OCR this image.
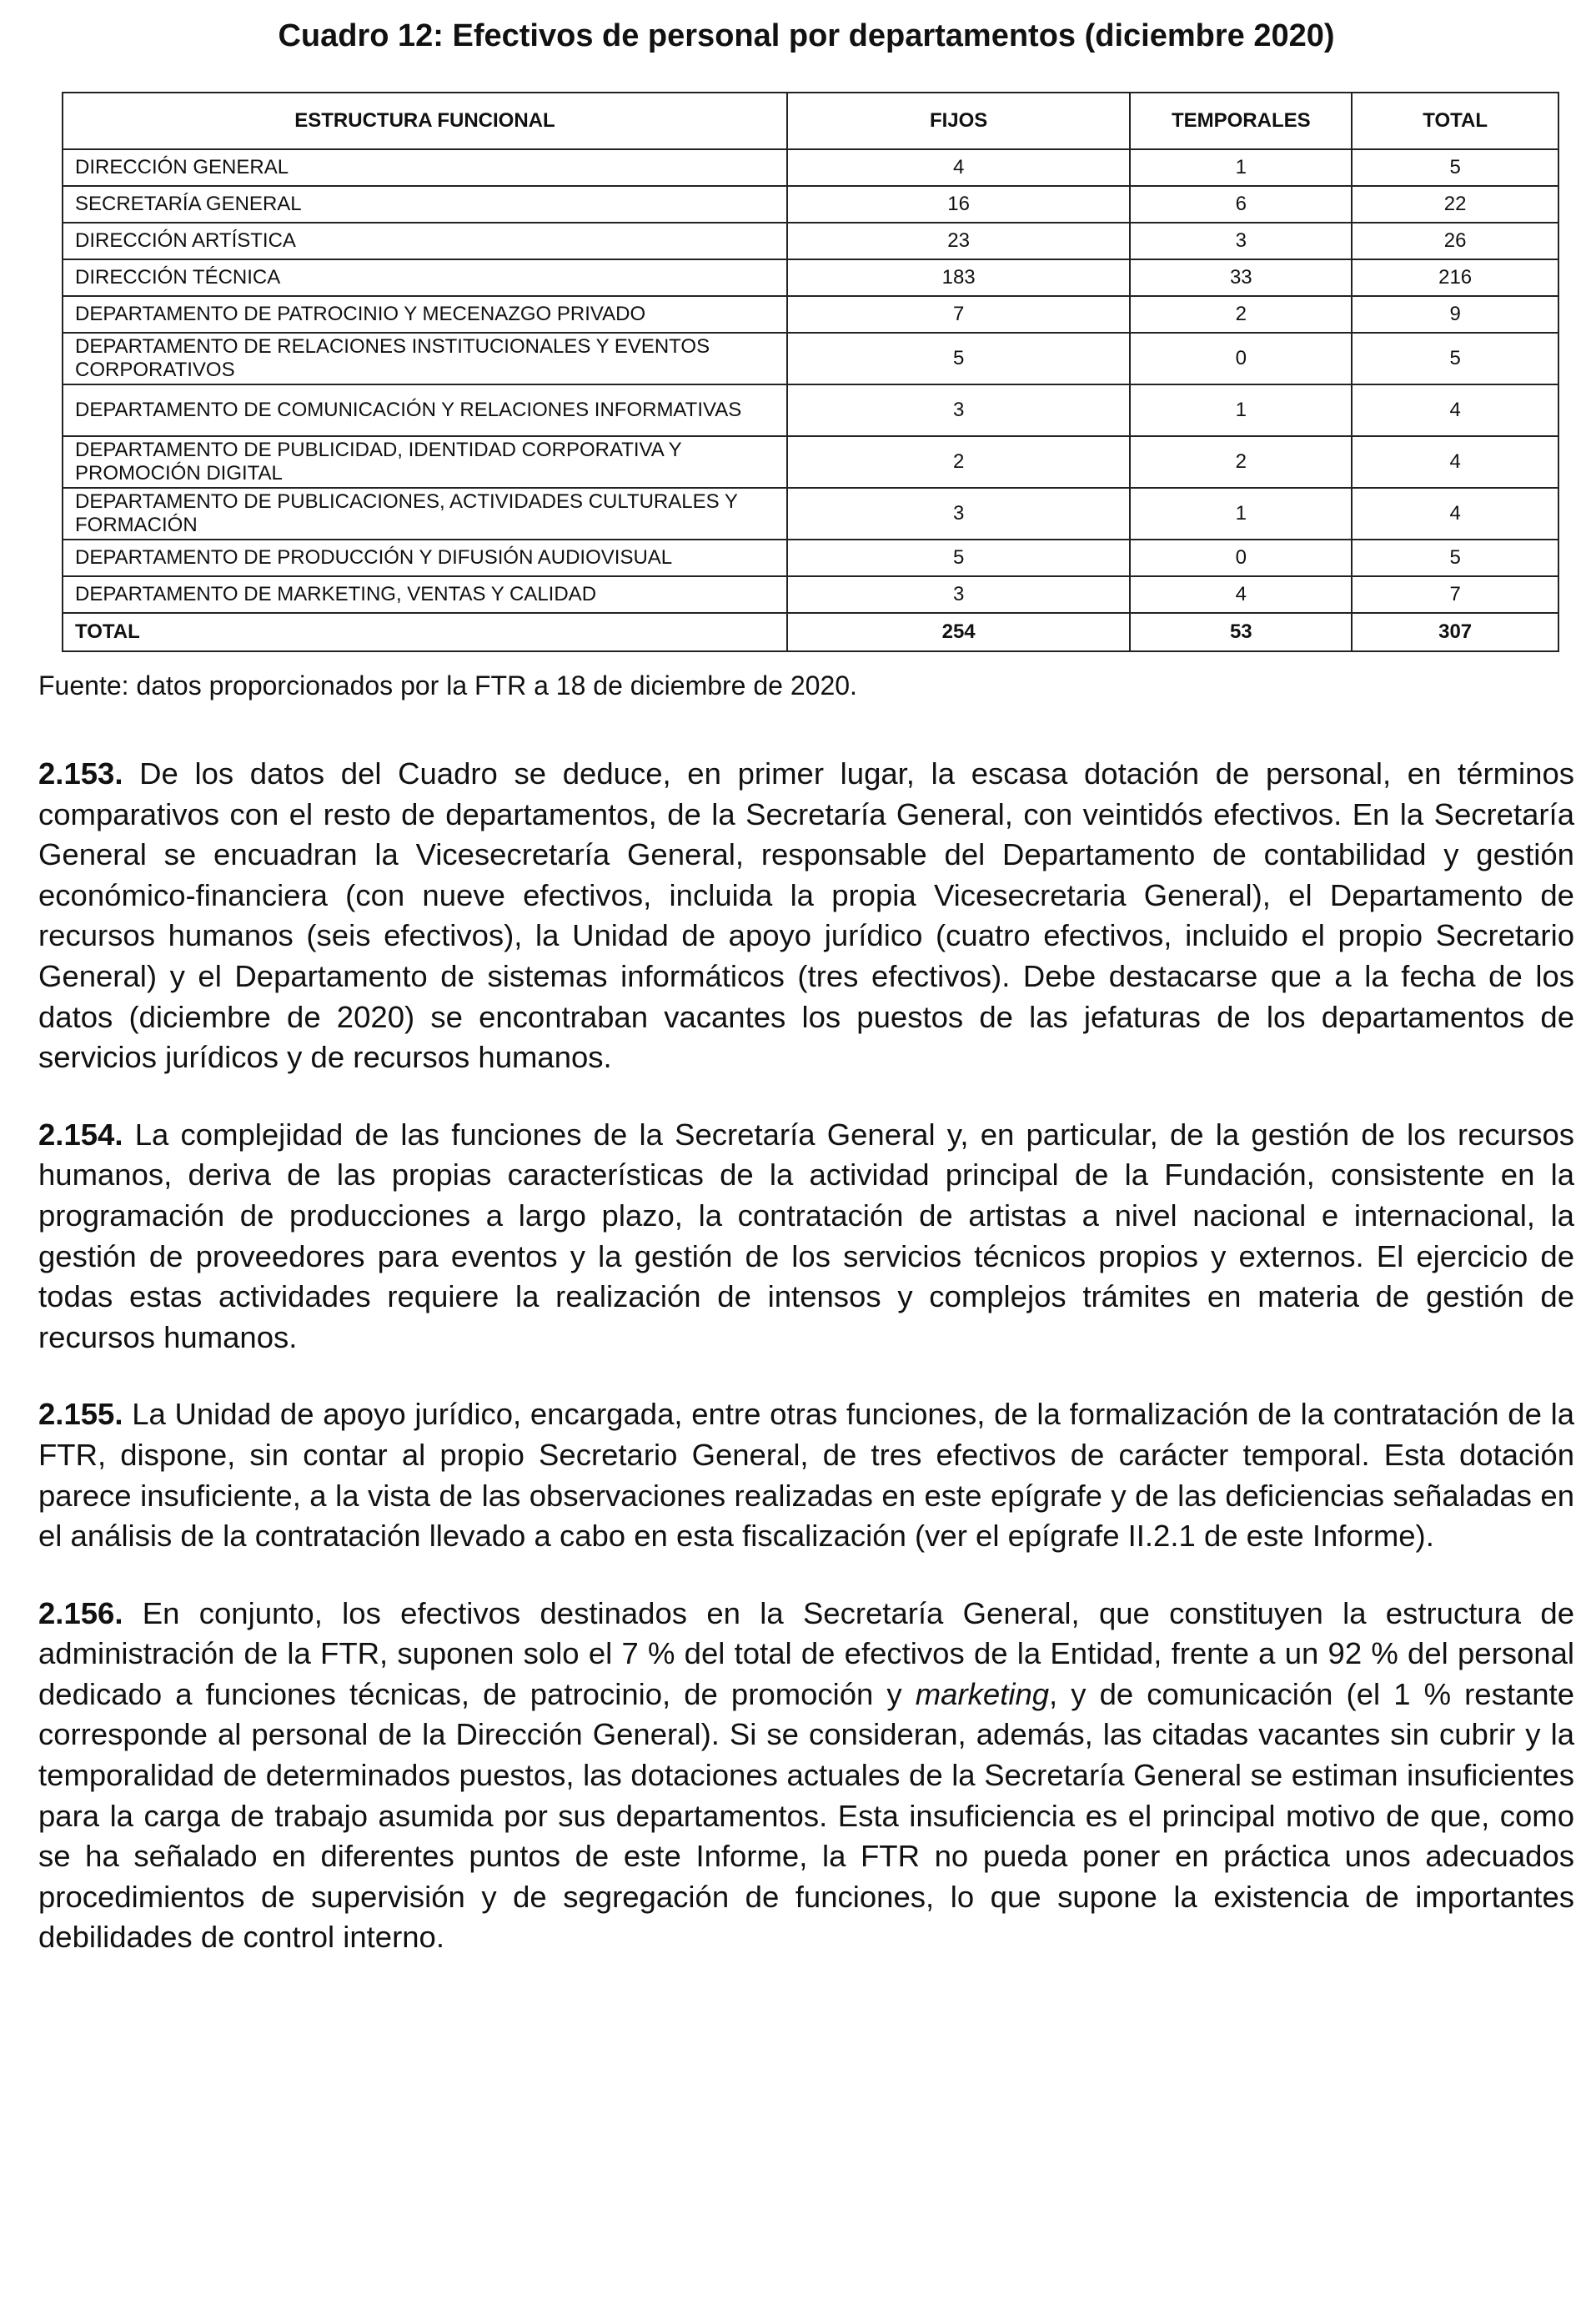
Cuadro 12: Efectivos de personal por departamentos (diciembre 2020)
ESTRUCTURA FUNCIONAL	FIJOS	TEMPORALES	TOTAL
DIRECCIÓN GENERAL	4	1	5
SECRETARÍA GENERAL	16	6	22
DIRECCIÓN ARTÍSTICA	23	3	26
DIRECCIÓN TÉCNICA	183	33	216
DEPARTAMENTO DE PATROCINIO Y MECENAZGO PRIVADO	7	2	9
DEPARTAMENTO DE RELACIONES INSTITUCIONALES Y EVENTOS CORPORATIVOS	5	0	5
DEPARTAMENTO DE COMUNICACIÓN Y RELACIONES INFORMATIVAS	3	1	4
DEPARTAMENTO DE PUBLICIDAD, IDENTIDAD CORPORATIVA Y PROMOCIÓN DIGITAL	2	2	4
DEPARTAMENTO DE PUBLICACIONES, ACTIVIDADES CULTURALES Y FORMACIÓN	3	1	4
DEPARTAMENTO DE PRODUCCIÓN Y DIFUSIÓN AUDIOVISUAL	5	0	5
DEPARTAMENTO DE MARKETING, VENTAS Y CALIDAD	3	4	7
TOTAL	254	53	307
Fuente: datos proporcionados por la FTR a 18 de diciembre de 2020.

2.153. De los datos del Cuadro se deduce, en primer lugar, la escasa dotación de personal, en términos comparativos con el resto de departamentos, de la Secretaría General, con veintidós efectivos. En la Secretaría General se encuadran la Vicesecretaría General, responsable del Departamento de contabilidad y gestión económico-financiera (con nueve efectivos, incluida la propia Vicesecretaria General), el Departamento de recursos humanos (seis efectivos), la Unidad de apoyo jurídico (cuatro efectivos, incluido el propio Secretario General) y el Departamento de sistemas informáticos (tres efectivos). Debe destacarse que a la fecha de los datos (diciembre de 2020) se encontraban vacantes los puestos de las jefaturas de los departamentos de servicios jurídicos y de recursos humanos.

2.154. La complejidad de las funciones de la Secretaría General y, en particular, de la gestión de los recursos humanos, deriva de las propias características de la actividad principal de la Fundación, consistente en la programación de producciones a largo plazo, la contratación de artistas a nivel nacional e internacional, la gestión de proveedores para eventos y la gestión de los servicios técnicos propios y externos. El ejercicio de todas estas actividades requiere la realización de intensos y complejos trámites en materia de gestión de recursos humanos.

2.155. La Unidad de apoyo jurídico, encargada, entre otras funciones, de la formalización de la contratación de la FTR, dispone, sin contar al propio Secretario General, de tres efectivos de carácter temporal. Esta dotación parece insuficiente, a la vista de las observaciones realizadas en este epígrafe y de las deficiencias señaladas en el análisis de la contratación llevado a cabo en esta fiscalización (ver el epígrafe II.2.1 de este Informe).

2.156. En conjunto, los efectivos destinados en la Secretaría General, que constituyen la estructura de administración de la FTR, suponen solo el 7 % del total de efectivos de la Entidad, frente a un 92 % del personal dedicado a funciones técnicas, de patrocinio, de promoción y marketing, y de comunicación (el 1 % restante corresponde al personal de la Dirección General). Si se consideran, además, las citadas vacantes sin cubrir y la temporalidad de determinados puestos, las dotaciones actuales de la Secretaría General se estiman insuficientes para la carga de trabajo asumida por sus departamentos. Esta insuficiencia es el principal motivo de que, como se ha señalado en diferentes puntos de este Informe, la FTR no pueda poner en práctica unos adecuados procedimientos de supervisión y de segregación de funciones, lo que supone la existencia de importantes debilidades de control interno.
